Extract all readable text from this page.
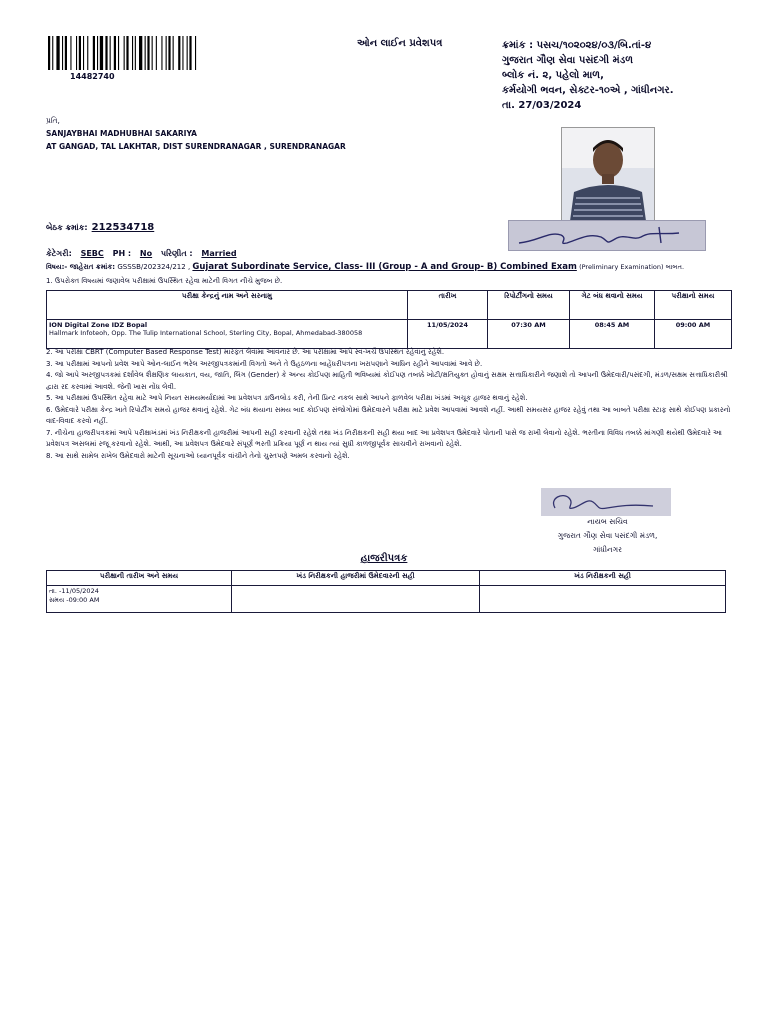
14482740
ઓન લાઈન પ્રવેશપત્ર	ક્રમાંક : પસચ/૧૦૨૦૨૪/૦૩/બિ.તાં-૪
ગુજરાત ગૌણ સેવા પસંદગી મંડળ
બ્લોક નં. ૨, પહેલો માળ,
કર્મયોગી ભવન, સેક્ટર-૧૦એ , ગાંધીનગર.
તા. 27/03/2024
પ્રતિ,
SANJAYBHAI MADHUBHAI SAKARIYA
AT GANGAD, TAL LAKHTAR, DIST SURENDRANAGAR , SURENDRANAGAR
બેઠક ક્રમાંક: 212534718
કેટેગરી: SEBC PH : No પરિણીત : Married
વિષય:- જાહેરાત ક્રમાંક: GSSSB/202324/212 , Gujarat Subordinate Service, Class- III (Group - A and Group- B) Combined Exam (Preliminary Examination) બાબત.
1. ઉપરોક્ત વિષયમાં જણાવેલ પરીક્ષામાં ઉપસ્થિત રહેવા માટેની વિગત નીચે મુજબ છે.
પરીક્ષા કેન્દ્રનું નામ અને સરનામુ	તારીખ	રિપોર્ટીંગનો સમય	ગેટ બંધ થવાનો સમય	પરીક્ષાનો સમય

ION Digital Zone IDZ Bopal
Hallmark Infoteoh, Opp. The Tulip International School, Sterling City, Bopal, Ahmedabad-380058	11/05/2024	07:30 AM	08:45 AM	09:00 AM

2. આ પરીક્ષા CBRT (Computer Based Response Test) મારફત લેવામાં આવનાર છે. આ પરીક્ષામાં આપે સ્વ-ખર્ચે ઉપસ્થિત રહેવાનું રહેશે.

3. આ પરીક્ષામાં આપનો પ્રવેશ આપે ઓન-લાઈન ભરેલ અરજીપત્રકમાંની વિગતો અને તે ઉહઠળના બાહેંધરીપત્રના ખરાપણાને આધિન રહીને આપવામાં આવે છે.

4. જો આપે અરજીપત્રકમાં દર્શાવેલ શૈક્ષણિક લાયકાત, વય, જાતિ, લિંગ (Gender) કે અન્ય કોઈપણ માહિતી ભવિષ્યમાં કોઈપણ તબક્કે ખોટી/ક્ષતિયુક્ત હોવાનું સક્ષમ સત્તાધિકારીને જણાશે તો આપની ઉમેદવારી/પસંદગી, મંડળ/સક્ષમ સત્તાધિકારીશ્રી દ્વારા રદ કરવામાં આવશે. જેની ખાસ નોંધ લેવી.

5. આ પરીક્ષામાં ઉપસ્થિત રહેવા માટે આપે નિયત સમયમર્યાદામાં આ પ્રવેશપત્ર ડાઉનલોડ કરી, તેની પ્રિન્ટ નકલ સાથે આપને ફાળવેલ પરીક્ષા ખંડમાં અચૂક હાજર થવાનું રહેશે.

6. ઉમેદવારે પરીક્ષા કેન્દ્ર ખાતે રિપોર્ટીંગ સમયે હાજર થવાનું રહેશે. ગેટ બંધ થયાના સમય બાદ કોઈપણ સંજોગોમાં ઉમેદવારને પરીક્ષા માટે પ્રવેશ આપવામાં આવશે નહીં. આથી સમયસર હાજર રહેવું તથા આ બાબતે પરીક્ષા સ્ટાફ સાથે કોઈપણ પ્રકારનો વાદ-વિવાદ કરવો નહીં.

7. નીચેના હાજરીપત્રકમાં આપે પરીક્ષાખંડમાં ખંડ નિરીક્ષકની હાજરીમાં આપની સહી કરવાની રહેશે તથા ખંડ નિરીક્ષકની સહી થયા બાદ આ પ્રવેશપત્ર ઉમેદવારે પોતાની પાસે જ રાખી લેવાનો રહેશે. ભરતીના વિવિધ તબક્કે માંગણી થયેથી ઉમેદવારે આ પ્રવેશપત્ર અસલમાં રજૂ કરવાનો રહેશે. આથી, આ પ્રવેશપત્ર ઉમેદવારે સંપૂર્ણ ભરતી પ્રક્રિયા પૂર્ણ ન થાય ત્યાં સુધી કાળજીપૂર્વક સાચવીને રાખવાનો રહેશે.

8. આ સાથે સામેલ રાખેલ ઉમેદવારો માટેની સૂચનાઓ ધ્યાનપૂર્વક વાંચીને તેનો ચુસ્તપણે અમલ કરવાનો રહેશે.

નાયબ સચિવ
ગુજરાત ગૌણ સેવા પસંદગી મંડળ,
ગાંધીનગર
હાજરીપત્રક
પરીક્ષાની તારીખ અને સમય	ખંડ નિરીક્ષકની હાજરીમાં ઉમેદવારની સહી	ખંડ નિરીક્ષકની સહી

તા. -11/05/2024
સમય -09:00 AM		
